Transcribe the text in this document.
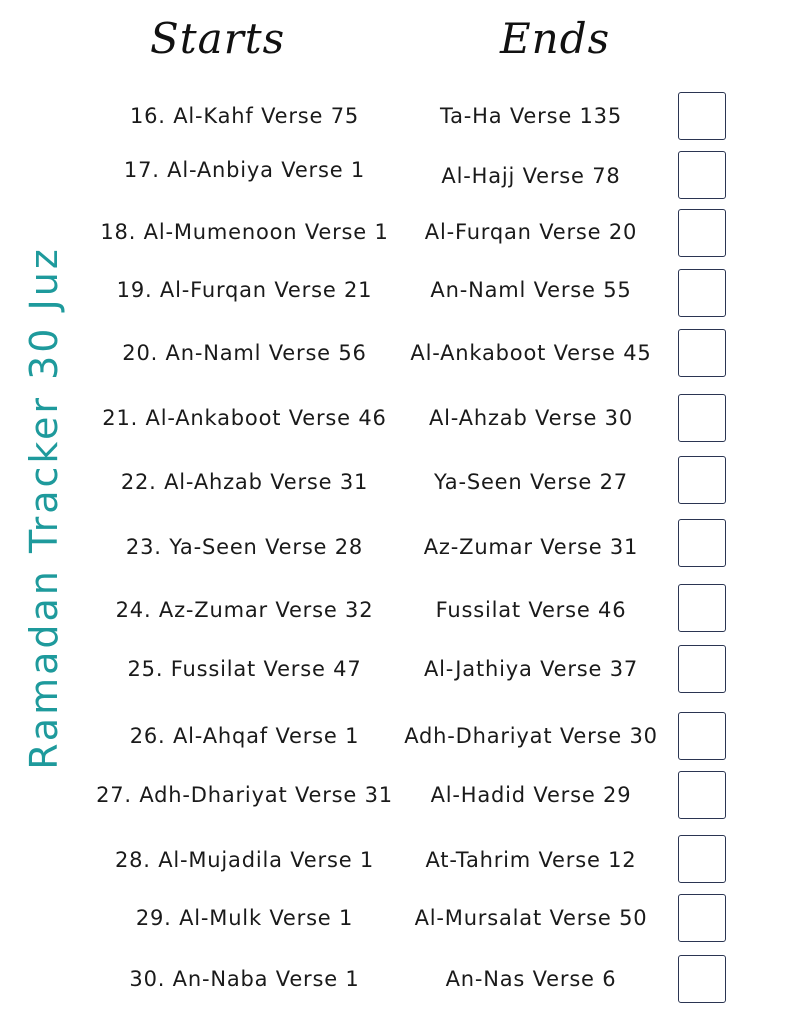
Starts	Ends
Ramadan Tracker 30 Juz
16. Al-Kahf Verse 75	Ta-Ha Verse 135
17. Al-Anbiya Verse 1	Al-Hajj Verse 78
18. Al-Mumenoon Verse 1	Al-Furqan Verse 20
19. Al-Furqan Verse 21	An-Naml Verse 55
20. An-Naml Verse 56	Al-Ankaboot Verse 45
21. Al-Ankaboot Verse 46	Al-Ahzab Verse 30
22. Al-Ahzab Verse 31	Ya-Seen Verse 27
23. Ya-Seen Verse 28	Az-Zumar Verse 31
24. Az-Zumar Verse 32	Fussilat Verse 46
25. Fussilat Verse 47	Al-Jathiya Verse 37
26. Al-Ahqaf Verse 1	Adh-Dhariyat Verse 30
27. Adh-Dhariyat Verse 31	Al-Hadid Verse 29
28. Al-Mujadila Verse 1	At-Tahrim Verse 12
29. Al-Mulk Verse 1	Al-Mursalat Verse 50
30. An-Naba Verse 1	An-Nas Verse 6
